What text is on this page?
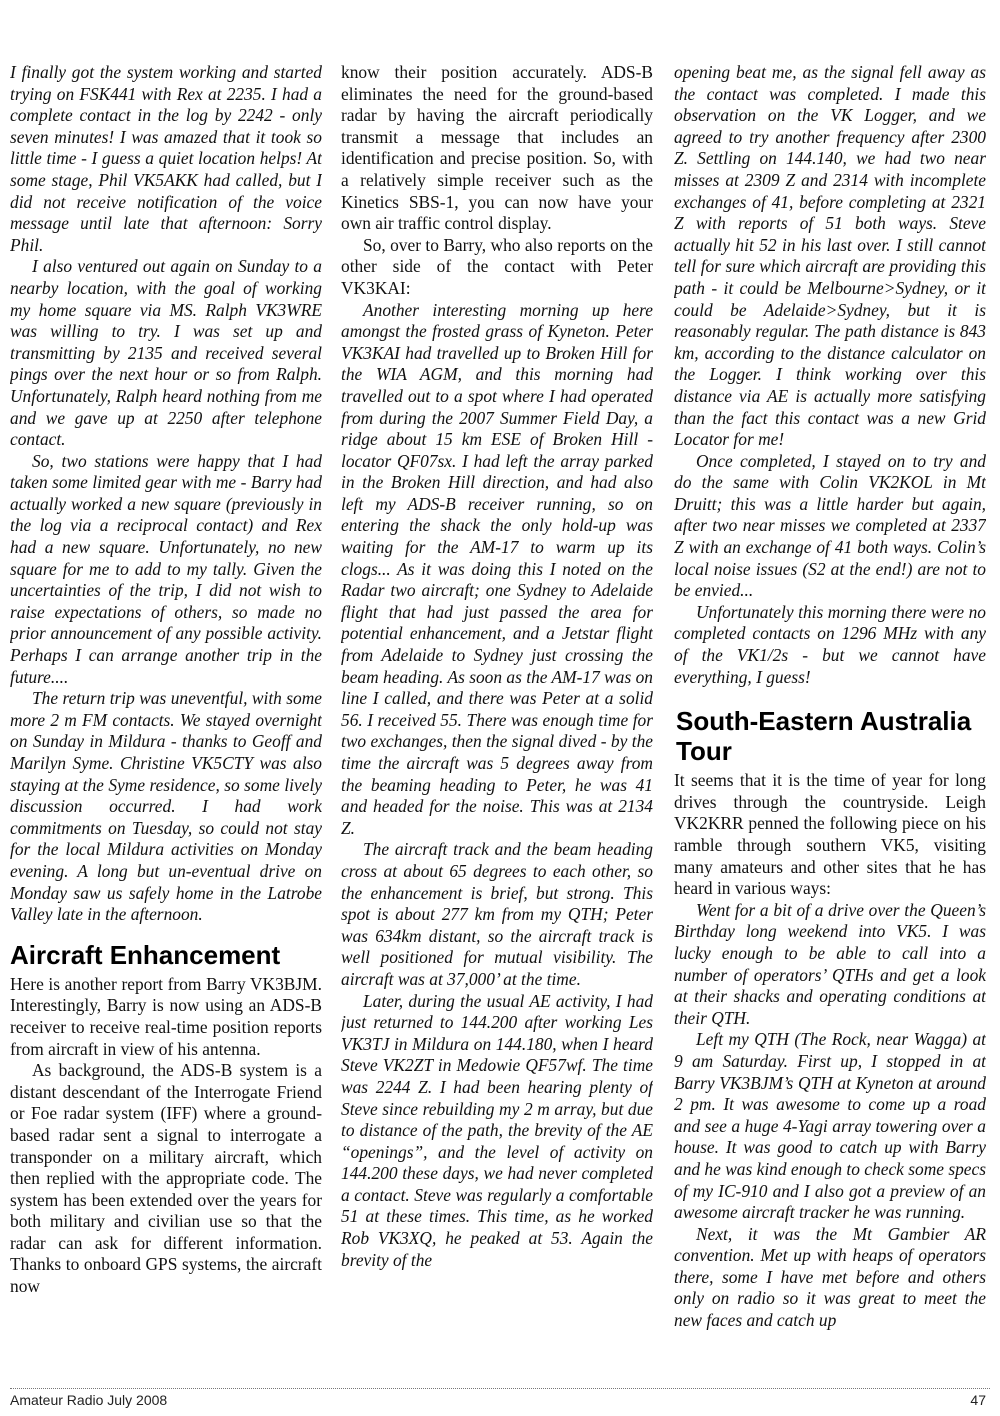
I finally got the system working and started trying on FSK441 with Rex at 2235. I had a complete contact in the log by 2242 - only seven minutes! I was amazed that it took so little time - I guess a quiet location helps! At some stage, Phil VK5AKK had called, but I did not receive notification of the voice message until late that afternoon: Sorry Phil.

I also ventured out again on Sunday to a nearby location, with the goal of working my home square via MS. Ralph VK3WRE was willing to try. I was set up and transmitting by 2135 and received several pings over the next hour or so from Ralph. Unfortunately, Ralph heard nothing from me and we gave up at 2250 after telephone contact.

So, two stations were happy that I had taken some limited gear with me - Barry had actually worked a new square (previously in the log via a reciprocal contact) and Rex had a new square. Unfortunately, no new square for me to add to my tally. Given the uncertainties of the trip, I did not wish to raise expectations of others, so made no prior announcement of any possible activity. Perhaps I can arrange another trip in the future....

The return trip was uneventful, with some more 2 m FM contacts. We stayed overnight on Sunday in Mildura - thanks to Geoff and Marilyn Syme. Christine VK5CTY was also staying at the Syme residence, so some lively discussion occurred. I had work commitments on Tuesday, so could not stay for the local Mildura activities on Monday evening. A long but un-eventual drive on Monday saw us safely home in the Latrobe Valley late in the afternoon.

Aircraft Enhancement

Here is another report from Barry VK3BJM. Interestingly, Barry is now using an ADS-B receiver to receive real-time position reports from aircraft in view of his antenna.

As background, the ADS-B system is a distant descendant of the Interrogate Friend or Foe radar system (IFF) where a ground-based radar sent a signal to interrogate a transponder on a military aircraft, which then replied with the appropriate code. The system has been extended over the years for both military and civilian use so that the radar can ask for different information. Thanks to onboard GPS systems, the aircraft now

know their position accurately. ADS-B eliminates the need for the ground-based radar by having the aircraft periodically transmit a message that includes an identification and precise position. So, with a relatively simple receiver such as the Kinetics SBS-1, you can now have your own air traffic control display.

So, over to Barry, who also reports on the other side of the contact with Peter VK3KAI:

Another interesting morning up here amongst the frosted grass of Kyneton. Peter VK3KAI had travelled up to Broken Hill for the WIA AGM, and this morning had travelled out to a spot where I had operated from during the 2007 Summer Field Day, a ridge about 15 km ESE of Broken Hill - locator QF07sx. I had left the array parked in the Broken Hill direction, and had also left my ADS-B receiver running, so on entering the shack the only hold-up was waiting for the AM-17 to warm up its clogs... As it was doing this I noted on the Radar two aircraft; one Sydney to Adelaide flight that had just passed the area for potential enhancement, and a Jetstar flight from Adelaide to Sydney just crossing the beam heading. As soon as the AM-17 was on line I called, and there was Peter at a solid 56. I received 55. There was enough time for two exchanges, then the signal dived - by the time the aircraft was 5 degrees away from the beaming heading to Peter, he was 41 and headed for the noise. This was at 2134 Z.

The aircraft track and the beam heading cross at about 65 degrees to each other, so the enhancement is brief, but strong. This spot is about 277 km from my QTH; Peter was 634km distant, so the aircraft track is well positioned for mutual visibility. The aircraft was at 37,000’ at the time.

Later, during the usual AE activity, I had just returned to 144.200 after working Les VK3TJ in Mildura on 144.180, when I heard Steve VK2ZT in Medowie QF57wf. The time was 2244 Z. I had been hearing plenty of Steve since rebuilding my 2 m array, but due to distance of the path, the brevity of the AE “openings”, and the level of activity on 144.200 these days, we had never completed a contact. Steve was regularly a comfortable 51 at these times. This time, as he worked Rob VK3XQ, he peaked at 53. Again the brevity of the

opening beat me, as the signal fell away as the contact was completed. I made this observation on the VK Logger, and we agreed to try another frequency after 2300 Z. Settling on 144.140, we had two near misses at 2309 Z and 2314 with incomplete exchanges of 41, before completing at 2321 Z with reports of 51 both ways. Steve actually hit 52 in his last over. I still cannot tell for sure which aircraft are providing this path - it could be Melbourne>Sydney, or it could be Adelaide>Sydney, but it is reasonably regular. The path distance is 843 km, according to the distance calculator on the Logger. I think working over this distance via AE is actually more satisfying than the fact this contact was a new Grid Locator for me!

Once completed, I stayed on to try and do the same with Colin VK2KOL in Mt Druitt; this was a little harder but again, after two near misses we completed at 2337 Z with an exchange of 41 both ways. Colin’s local noise issues (S2 at the end!) are not to be envied...

Unfortunately this morning there were no completed contacts on 1296 MHz with any of the VK1/2s - but we cannot have everything, I guess!

South-Eastern Australia Tour

It seems that it is the time of year for long drives through the countryside. Leigh VK2KRR penned the following piece on his ramble through southern VK5, visiting many amateurs and other sites that he has heard in various ways:

Went for a bit of a drive over the Queen’s Birthday long weekend into VK5. I was lucky enough to be able to call into a number of operators’ QTHs and get a look at their shacks and operating conditions at their QTH.

Left my QTH (The Rock, near Wagga) at 9 am Saturday. First up, I stopped in at Barry VK3BJM’s QTH at Kyneton at around 2 pm. It was awesome to come up a road and see a huge 4-Yagi array towering over a house. It was good to catch up with Barry and he was kind enough to check some specs of my IC-910 and I also got a preview of an awesome aircraft tracker he was running.

Next, it was the Mt Gambier AR convention. Met up with heaps of operators there, some I have met before and others only on radio so it was great to meet the new faces and catch up

Amateur Radio July 2008	47
